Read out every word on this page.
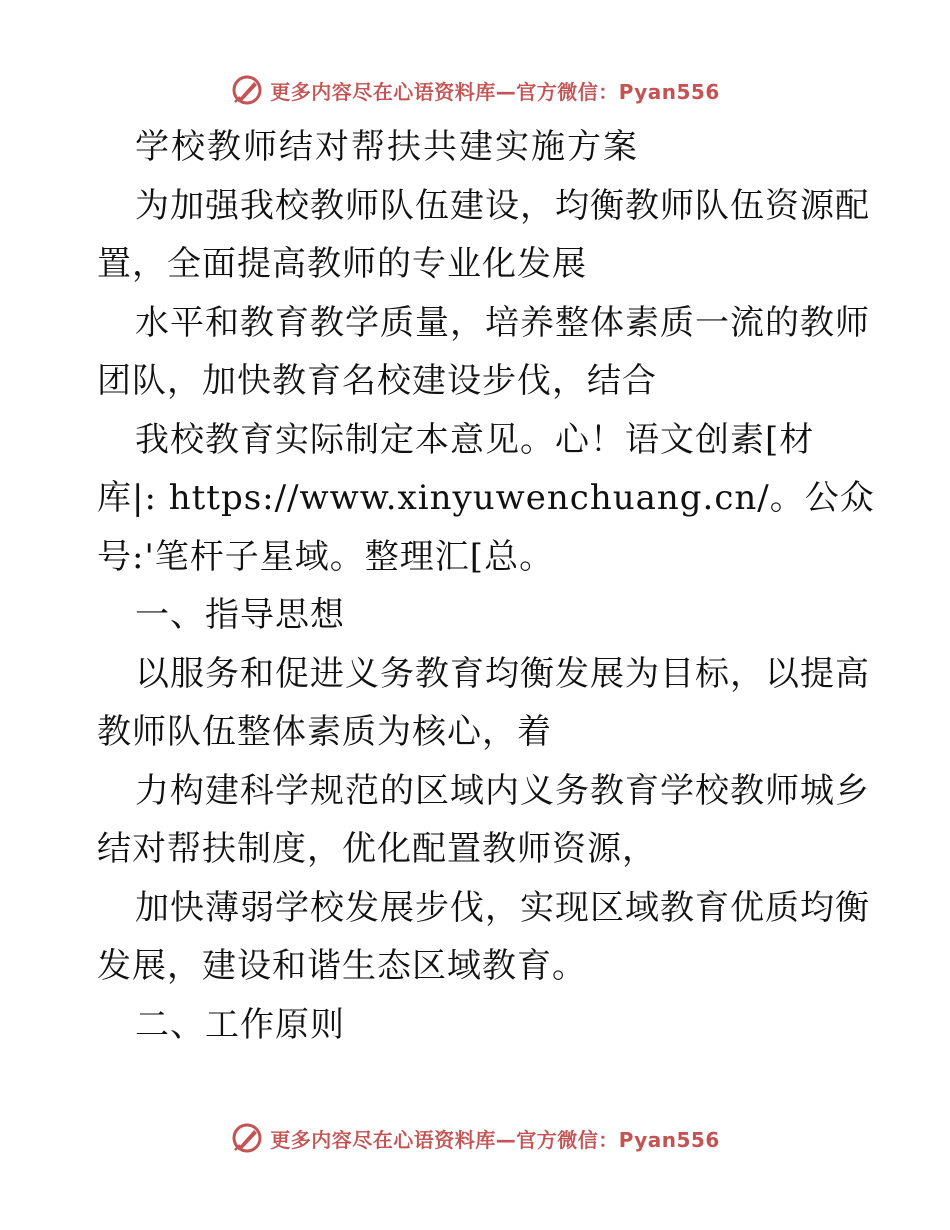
更多内容尽在心语资料库—官方微信：Pyan556
学校教师结对帮扶共建实施方案
为加强我校教师队伍建设，均衡教师队伍资源配
置，全面提高教师的专业化发展
水平和教育教学质量，培养整体素质一流的教师
团队，加快教育名校建设步伐，结合
我校教育实际制定本意见。心！语文创素[材
库|: https://www.xinyuwenchuang.cn/。公众
号:'笔杆子星域。整理汇[总。
一、指导思想
以服务和促进义务教育均衡发展为目标，以提高
教师队伍整体素质为核心，着
力构建科学规范的区域内义务教育学校教师城乡
结对帮扶制度，优化配置教师资源，
加快薄弱学校发展步伐，实现区域教育优质均衡
发展，建设和谐生态区域教育。
二、工作原则
更多内容尽在心语资料库—官方微信：Pyan556
